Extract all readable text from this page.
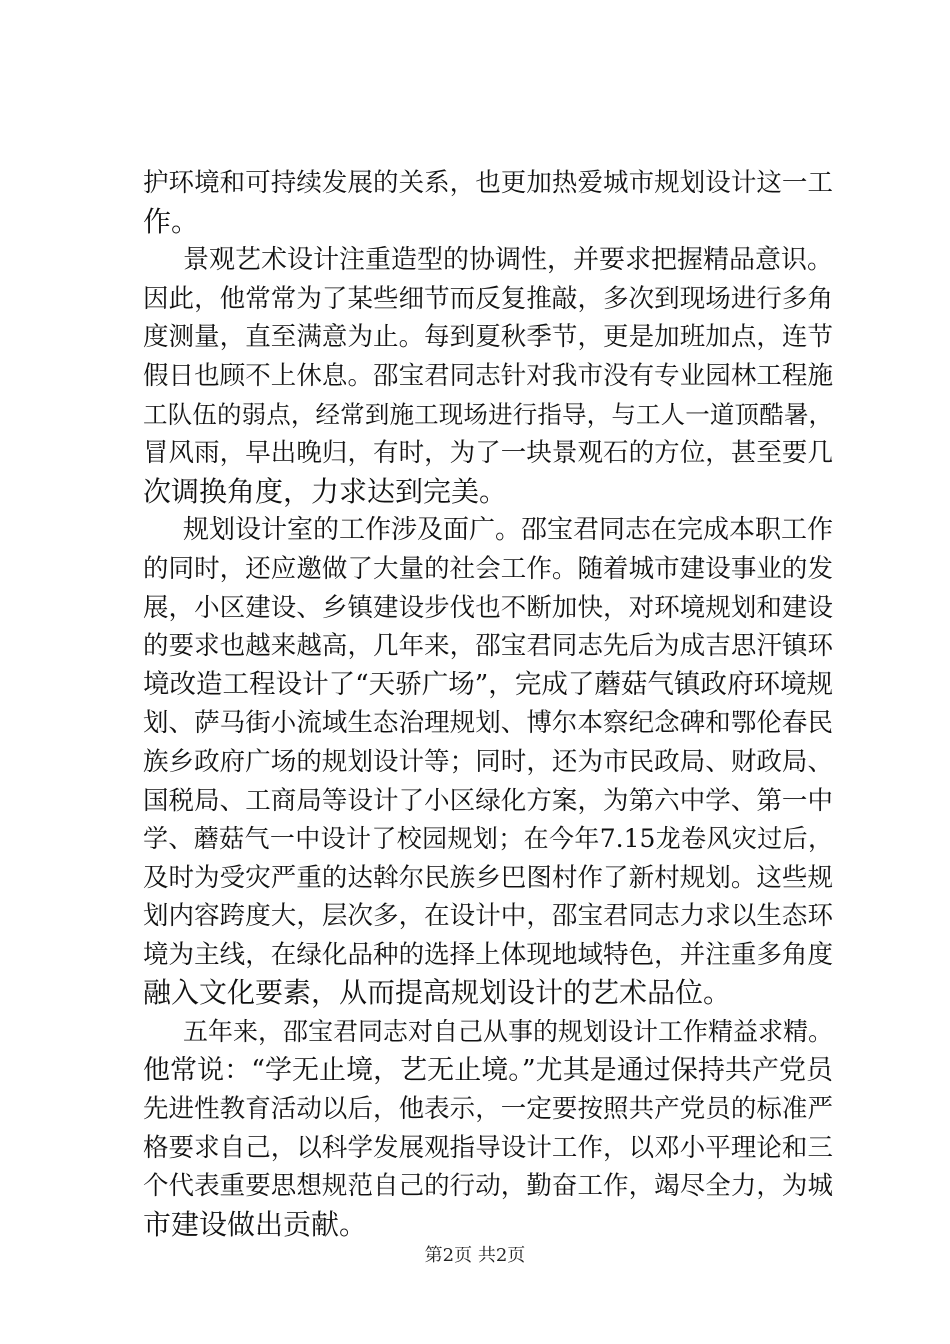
护环境和可持续发展的关系，也更加热爱城市规划设计这一工
作。
景观艺术设计注重造型的协调性，并要求把握精品意识。
因此，他常常为了某些细节而反复推敲，多次到现场进行多角
度测量，直至满意为止。每到夏秋季节，更是加班加点，连节
假日也顾不上休息。邵宝君同志针对我市没有专业园林工程施
工队伍的弱点，经常到施工现场进行指导，与工人一道顶酷暑，
冒风雨，早出晚归，有时，为了一块景观石的方位，甚至要几
次调换角度，力求达到完美。
规划设计室的工作涉及面广。邵宝君同志在完成本职工作
的同时，还应邀做了大量的社会工作。随着城市建设事业的发
展，小区建设、乡镇建设步伐也不断加快，对环境规划和建设
的要求也越来越高，几年来，邵宝君同志先后为成吉思汗镇环
境改造工程设计了“天骄广场”，完成了蘑菇气镇政府环境规
划、萨马街小流域生态治理规划、博尔本察纪念碑和鄂伦春民
族乡政府广场的规划设计等；同时，还为市民政局、财政局、
国税局、工商局等设计了小区绿化方案，为第六中学、第一中
学、蘑菇气一中设计了校园规划；在今年7.15龙卷风灾过后，
及时为受灾严重的达斡尔民族乡巴图村作了新村规划。这些规
划内容跨度大，层次多，在设计中，邵宝君同志力求以生态环
境为主线，在绿化品种的选择上体现地域特色，并注重多角度
融入文化要素，从而提高规划设计的艺术品位。
五年来，邵宝君同志对自己从事的规划设计工作精益求精。
他常说：“学无止境，艺无止境。”尤其是通过保持共产党员
先进性教育活动以后，他表示，一定要按照共产党员的标准严
格要求自己，以科学发展观指导设计工作，以邓小平理论和三
个代表重要思想规范自己的行动，勤奋工作，竭尽全力，为城
市建设做出贡献。
第2页 共2页
